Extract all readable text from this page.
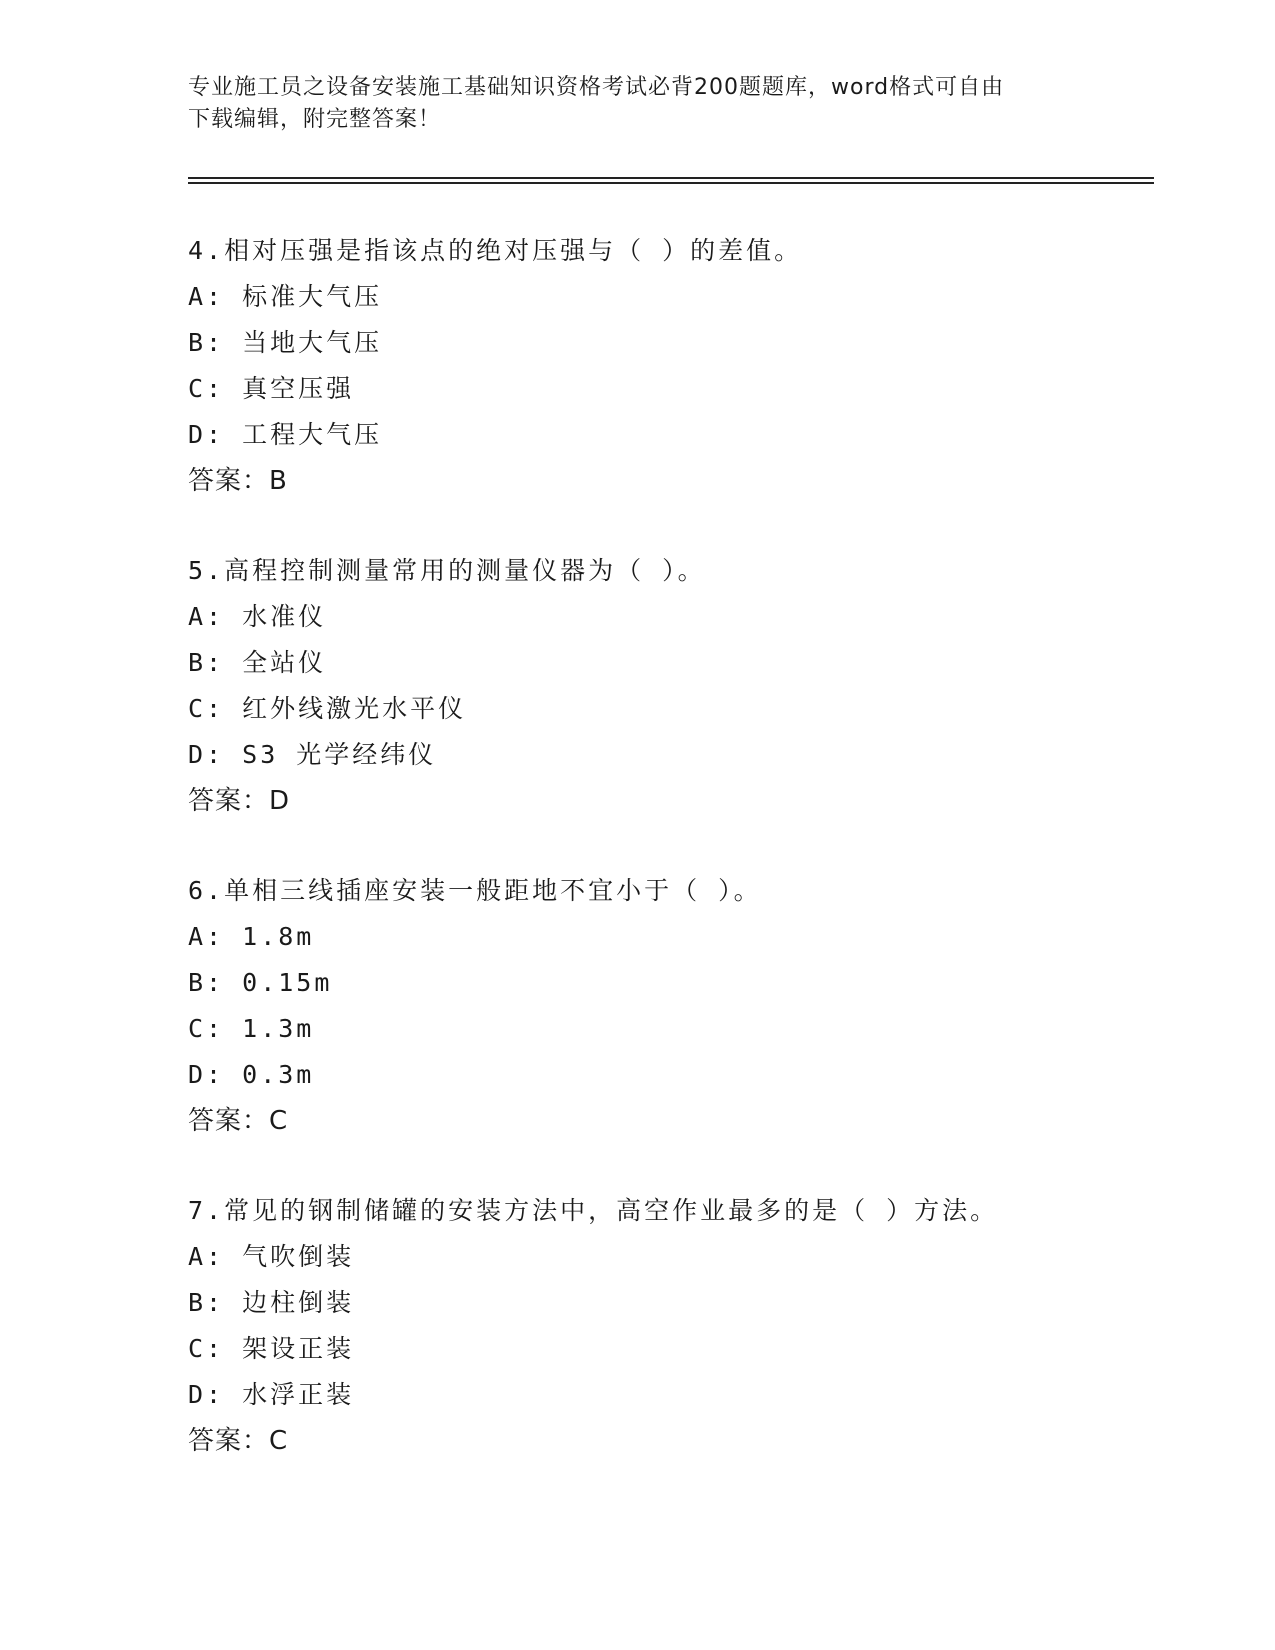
专业施工员之设备安装施工基础知识资格考试必背200题题库，word格式可自由
下载编辑，附完整答案！
4.相对压强是指该点的绝对压强与（ ）的差值。
A: 标准大气压
B: 当地大气压
C: 真空压强
D: 工程大气压
答案：B
5.高程控制测量常用的测量仪器为（ ）。
A: 水准仪
B: 全站仪
C: 红外线激光水平仪
D: S3 光学经纬仪
答案：D
6.单相三线插座安装一般距地不宜小于（ ）。
A: 1.8m
B: 0.15m
C: 1.3m
D: 0.3m
答案：C
7.常见的钢制储罐的安装方法中，高空作业最多的是（ ）方法。
A: 气吹倒装
B: 边柱倒装
C: 架设正装
D: 水浮正装
答案：C
